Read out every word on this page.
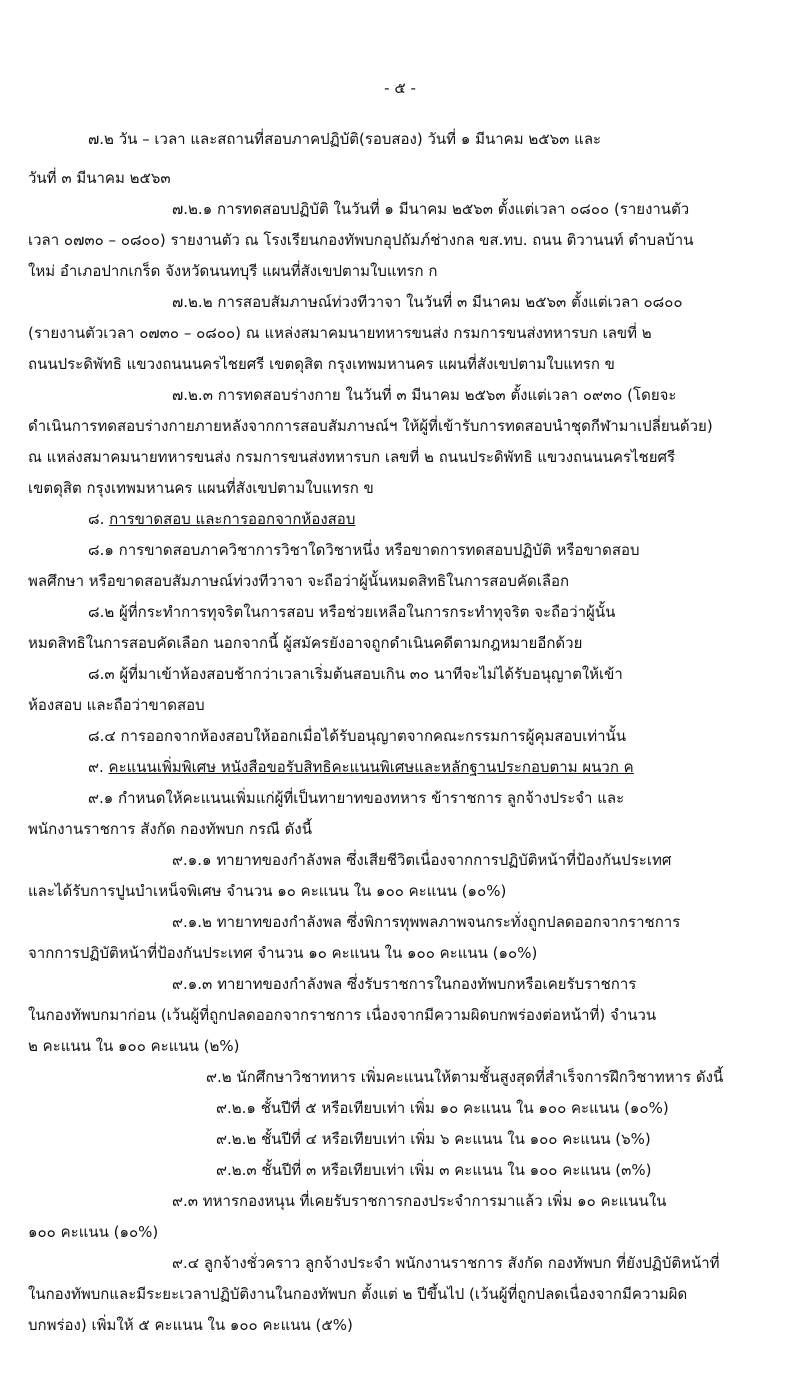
- ๕ -
๗.๒ วัน – เวลา และสถานที่สอบภาคปฏิบัติ(รอบสอง) วันที่ ๑ มีนาคม ๒๕๖๓ และ
วันที่ ๓ มีนาคม ๒๕๖๓
๗.๒.๑ การทดสอบปฏิบัติ ในวันที่ ๑ มีนาคม ๒๕๖๓ ตั้งแต่เวลา ๐๘๐๐ (รายงานตัว
เวลา ๐๗๓๐ – ๐๘๐๐) รายงานตัว ณ โรงเรียนกองทัพบกอุปถัมภ์ช่างกล ขส.ทบ. ถนน ติวานนท์ ตำบลบ้าน
ใหม่ อำเภอปากเกร็ด จังหวัดนนทบุรี แผนที่สังเขปตามใบแทรก ก
๗.๒.๒ การสอบสัมภาษณ์ท่วงทีวาจา ในวันที่ ๓ มีนาคม ๒๕๖๓ ตั้งแต่เวลา ๐๘๐๐
(รายงานตัวเวลา ๐๗๓๐ – ๐๘๐๐) ณ แหล่งสมาคมนายทหารขนส่ง กรมการขนส่งทหารบก เลขที่ ๒
ถนนประดิพัทธิ แขวงถนนนครไชยศรี เขตดุสิต กรุงเทพมหานคร แผนที่สังเขปตามใบแทรก ข
๗.๒.๓ การทดสอบร่างกาย ในวันที่ ๓ มีนาคม ๒๕๖๓ ตั้งแต่เวลา ๐๙๓๐ (โดยจะ
ดำเนินการทดสอบร่างกายภายหลังจากการสอบสัมภาษณ์ฯ ให้ผู้ที่เข้ารับการทดสอบนำชุดกีฬามาเปลี่ยนด้วย)
ณ แหล่งสมาคมนายทหารขนส่ง กรมการขนส่งทหารบก เลขที่ ๒ ถนนประดิพัทธิ แขวงถนนนครไชยศรี
เขตดุสิต กรุงเทพมหานคร แผนที่สังเขปตามใบแทรก ข
๘. การขาดสอบ และการออกจากห้องสอบ
๘.๑ การขาดสอบภาควิชาการวิชาใดวิชาหนึ่ง หรือขาดการทดสอบปฏิบัติ หรือขาดสอบ
พลศึกษา หรือขาดสอบสัมภาษณ์ท่วงทีวาจา จะถือว่าผู้นั้นหมดสิทธิในการสอบคัดเลือก
๘.๒ ผู้ที่กระทำการทุจริตในการสอบ หรือช่วยเหลือในการกระทำทุจริต จะถือว่าผู้นั้น
หมดสิทธิในการสอบคัดเลือก นอกจากนี้ ผู้สมัครยังอาจถูกดำเนินคดีตามกฎหมายอีกด้วย
๘.๓ ผู้ที่มาเข้าห้องสอบช้ากว่าเวลาเริ่มต้นสอบเกิน ๓๐ นาทีจะไม่ได้รับอนุญาตให้เข้า
ห้องสอบ และถือว่าขาดสอบ
๘.๔ การออกจากห้องสอบให้ออกเมื่อได้รับอนุญาตจากคณะกรรมการผู้คุมสอบเท่านั้น
๙. คะแนนเพิ่มพิเศษ หนังสือขอรับสิทธิคะแนนพิเศษและหลักฐานประกอบตาม ผนวก ค
๙.๑ กำหนดให้คะแนนเพิ่มแก่ผู้ที่เป็นทายาทของทหาร ข้าราชการ ลูกจ้างประจำ และ
พนักงานราชการ สังกัด กองทัพบก กรณี ดังนี้
๙.๑.๑ ทายาทของกำลังพล ซึ่งเสียชีวิตเนื่องจากการปฏิบัติหน้าที่ป้องกันประเทศ
และได้รับการปูนบำเหน็จพิเศษ จำนวน ๑๐ คะแนน ใน ๑๐๐ คะแนน (๑๐%)
๙.๑.๒ ทายาทของกำลังพล ซึ่งพิการทุพพลภาพจนกระทั่งถูกปลดออกจากราชการ
จากการปฏิบัติหน้าที่ป้องกันประเทศ จำนวน ๑๐ คะแนน ใน ๑๐๐ คะแนน (๑๐%)
๙.๑.๓ ทายาทของกำลังพล ซึ่งรับราชการในกองทัพบกหรือเคยรับราชการ
ในกองทัพบกมาก่อน (เว้นผู้ที่ถูกปลดออกจากราชการ เนื่องจากมีความผิดบกพร่องต่อหน้าที่) จำนวน
๒ คะแนน ใน ๑๐๐ คะแนน (๒%)
๙.๒ นักศึกษาวิชาทหาร เพิ่มคะแนนให้ตามชั้นสูงสุดที่สำเร็จการฝึกวิชาทหาร ดังนี้
๙.๒.๑ ชั้นปีที่ ๕ หรือเทียบเท่า เพิ่ม ๑๐ คะแนน ใน ๑๐๐ คะแนน (๑๐%)
๙.๒.๒ ชั้นปีที่ ๔ หรือเทียบเท่า เพิ่ม ๖ คะแนน ใน ๑๐๐ คะแนน (๖%)
๙.๒.๓ ชั้นปีที่ ๓ หรือเทียบเท่า เพิ่ม ๓ คะแนน ใน ๑๐๐ คะแนน (๓%)
๙.๓ ทหารกองหนุน ที่เคยรับราชการกองประจำการมาแล้ว เพิ่ม ๑๐ คะแนนใน
๑๐๐ คะแนน (๑๐%)
๙.๔ ลูกจ้างชั่วคราว ลูกจ้างประจำ พนักงานราชการ สังกัด กองทัพบก ที่ยังปฏิบัติหน้าที่
ในกองทัพบกและมีระยะเวลาปฏิบัติงานในกองทัพบก ตั้งแต่ ๒ ปีขึ้นไป (เว้นผู้ที่ถูกปลดเนื่องจากมีความผิด
บกพร่อง) เพิ่มให้ ๕ คะแนน ใน ๑๐๐ คะแนน (๕%)
